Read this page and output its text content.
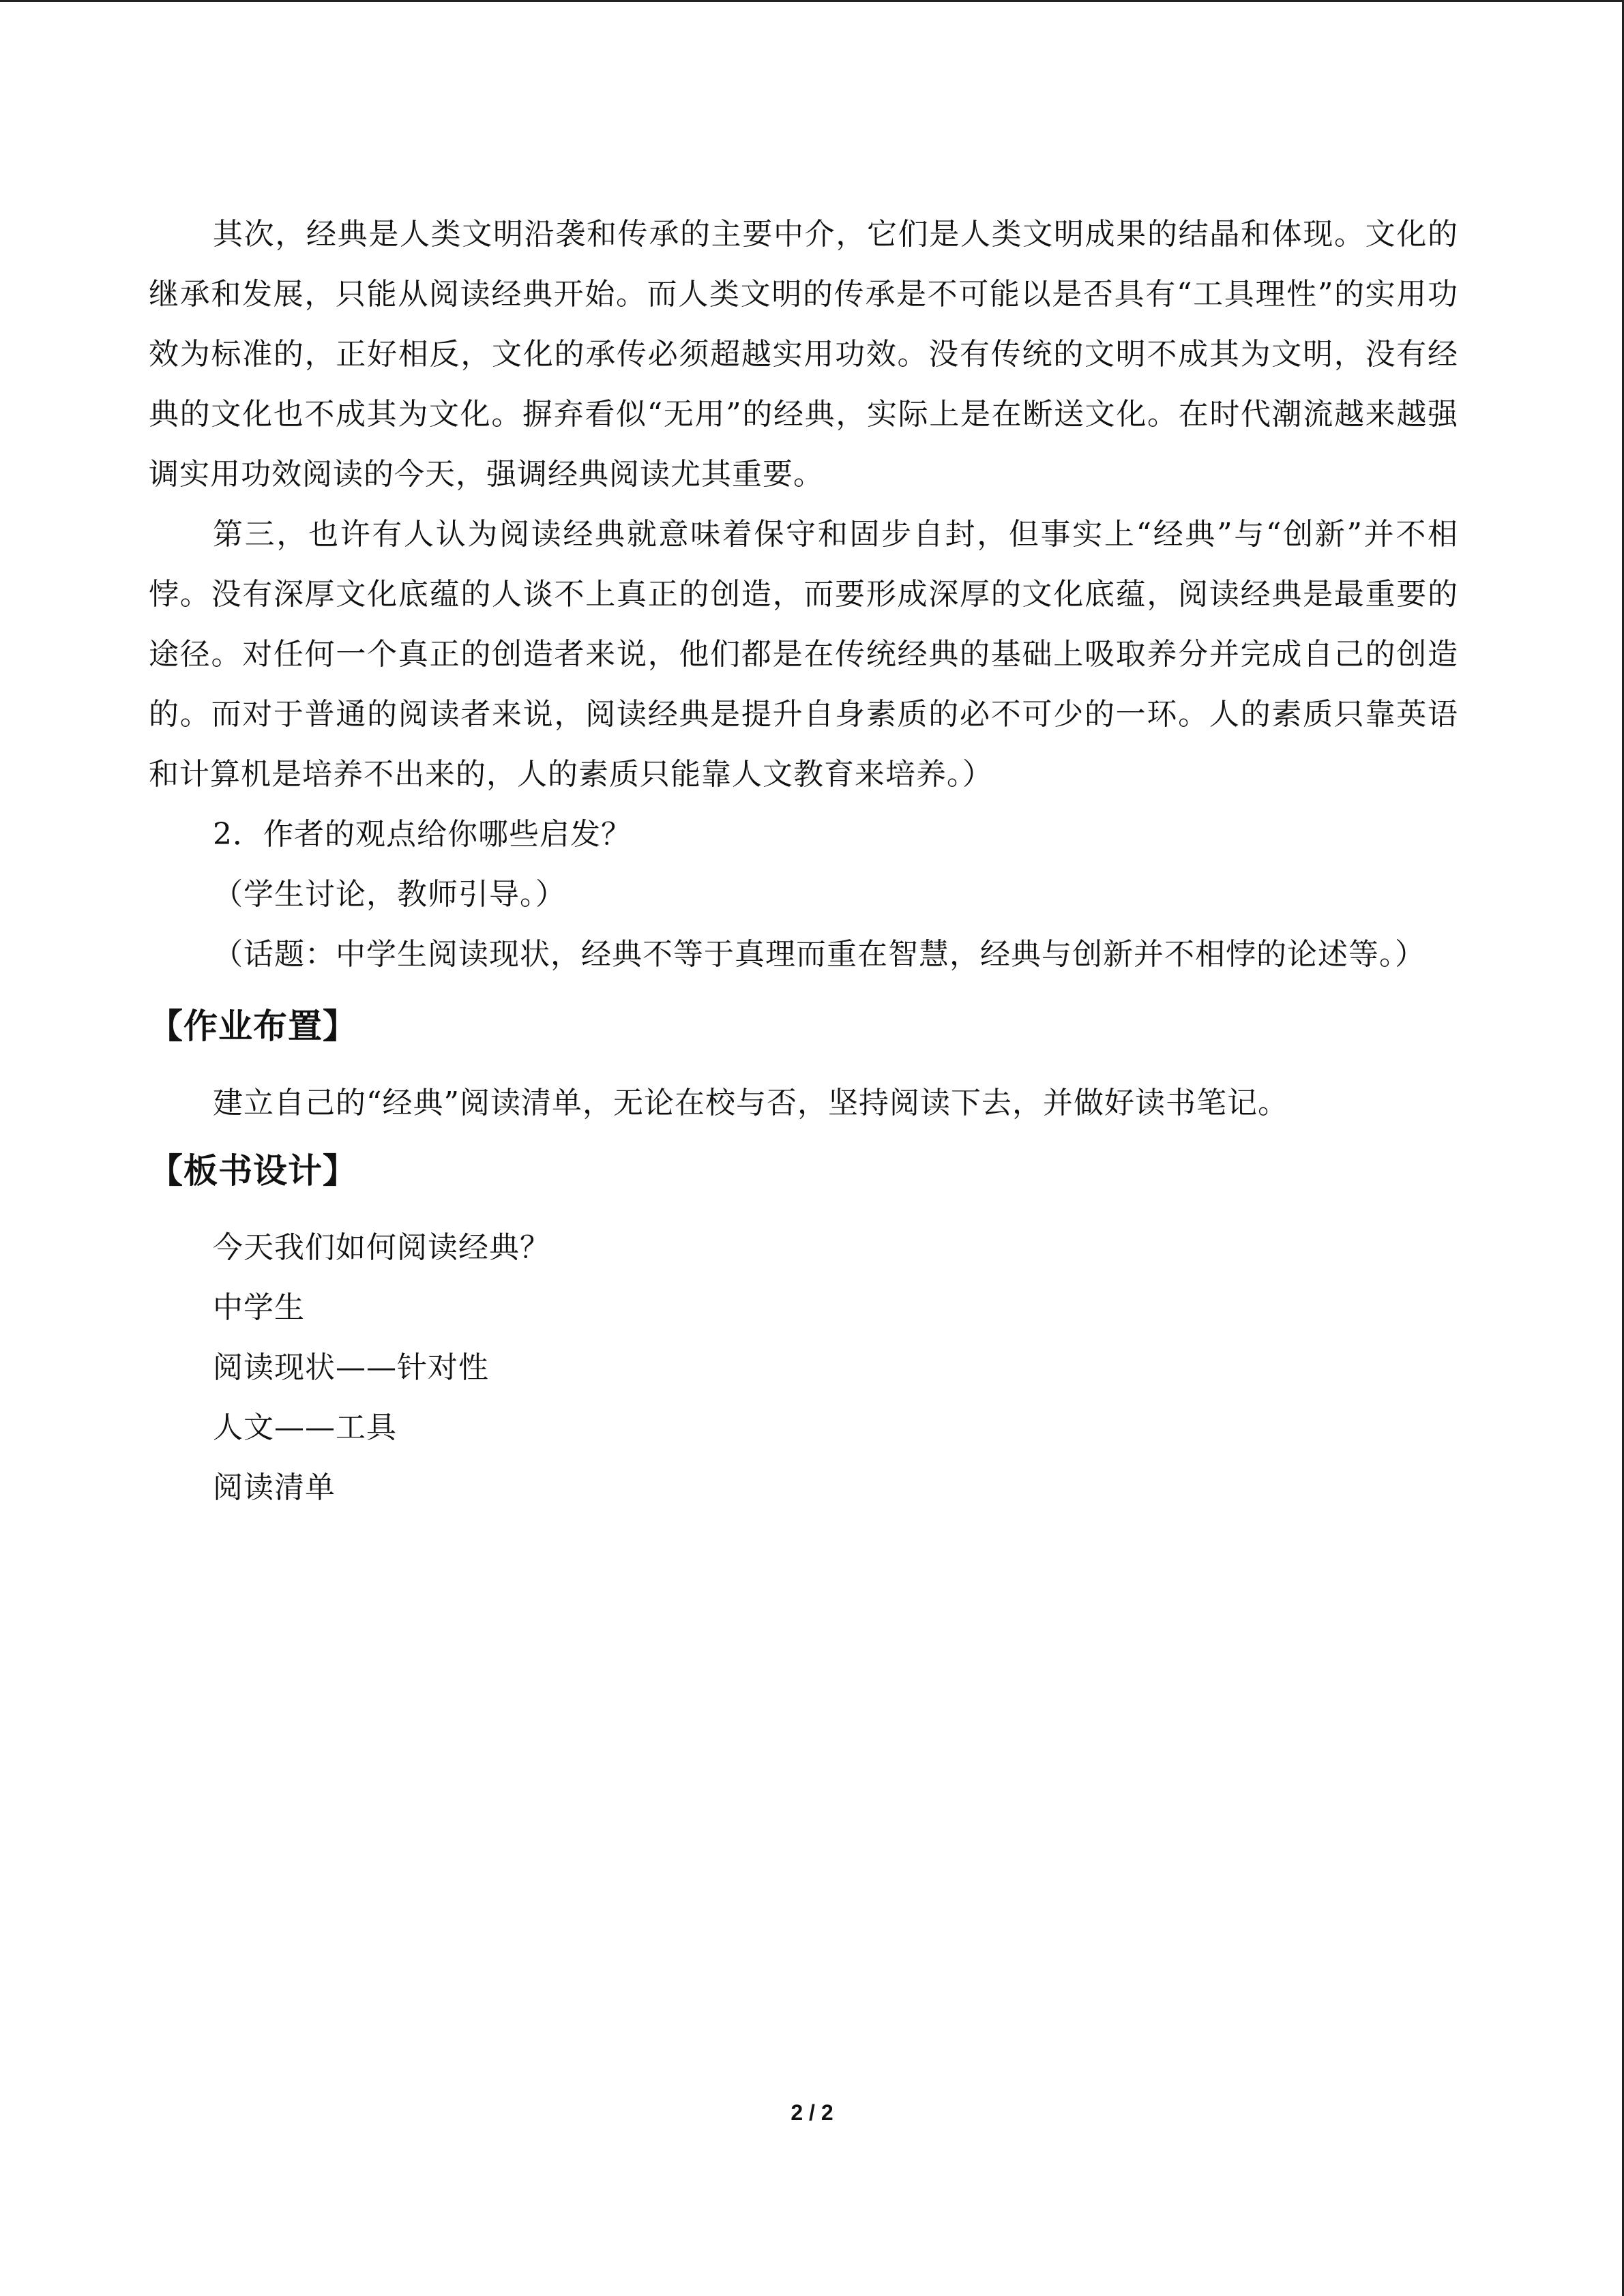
其次，经典是人类文明沿袭和传承的主要中介，它们是人类文明成果的结晶和体现。文化的继承和发展，只能从阅读经典开始。而人类文明的传承是不可能以是否具有“工具理性”的实用功效为标准的，正好相反，文化的承传必须超越实用功效。没有传统的文明不成其为文明，没有经典的文化也不成其为文化。摒弃看似“无用”的经典，实际上是在断送文化。在时代潮流越来越强调实用功效阅读的今天，强调经典阅读尤其重要。

第三，也许有人认为阅读经典就意味着保守和固步自封，但事实上“经典”与“创新”并不相悖。没有深厚文化底蕴的人谈不上真正的创造，而要形成深厚的文化底蕴，阅读经典是最重要的途径。对任何一个真正的创造者来说，他们都是在传统经典的基础上吸取养分并完成自己的创造的。而对于普通的阅读者来说，阅读经典是提升自身素质的必不可少的一环。人的素质只靠英语和计算机是培养不出来的，人的素质只能靠人文教育来培养。）

2．作者的观点给你哪些启发？

（学生讨论，教师引导。）

（话题：中学生阅读现状，经典不等于真理而重在智慧，经典与创新并不相悖的论述等。）

【作业布置】

建立自己的“经典”阅读清单，无论在校与否，坚持阅读下去，并做好读书笔记。

【板书设计】

今天我们如何阅读经典？

中学生

阅读现状——针对性

人文——工具

阅读清单

2 / 2
